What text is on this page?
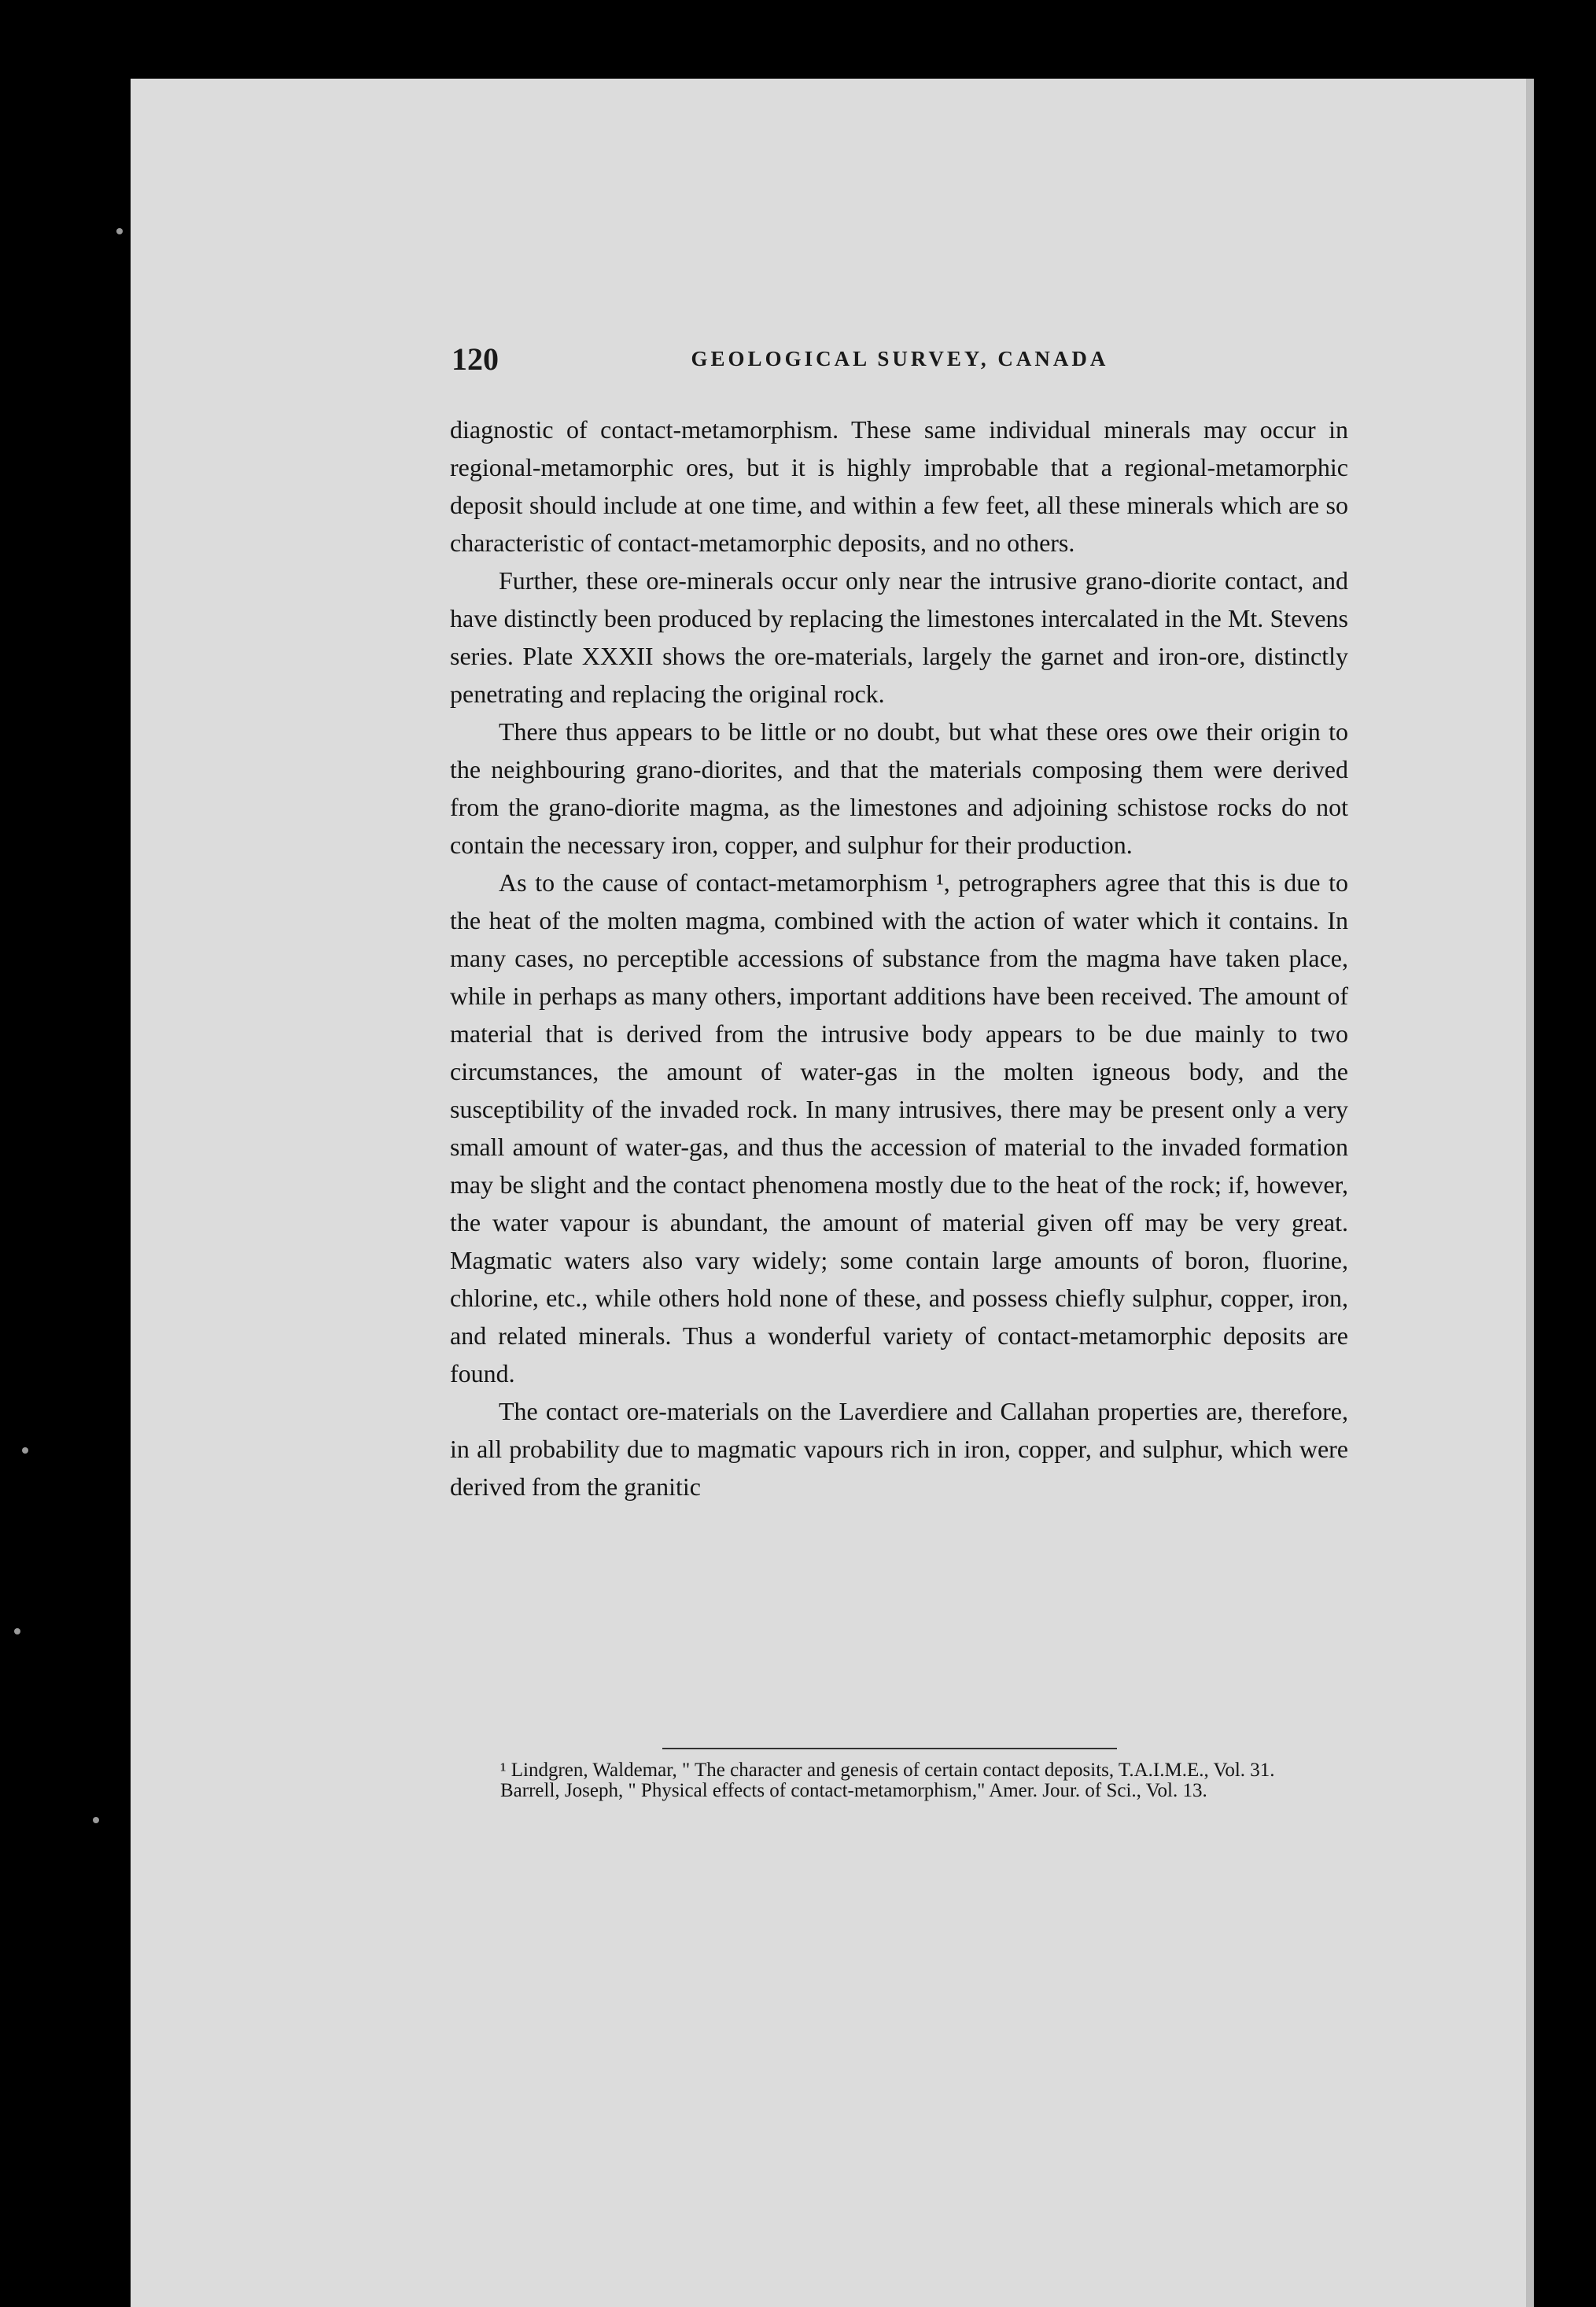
120	GEOLOGICAL SURVEY, CANADA

diagnostic of contact-metamorphism. These same individual minerals may occur in regional-metamorphic ores, but it is highly improbable that a regional-metamorphic deposit should include at one time, and within a few feet, all these minerals which are so characteristic of contact-metamorphic deposits, and no others.

Further, these ore-minerals occur only near the intrusive grano-diorite contact, and have distinctly been produced by replacing the limestones intercalated in the Mt. Stevens series. Plate XXXII shows the ore-materials, largely the garnet and iron-ore, distinctly penetrating and replacing the original rock.

There thus appears to be little or no doubt, but what these ores owe their origin to the neighbouring grano-diorites, and that the materials composing them were derived from the grano-diorite magma, as the limestones and adjoining schistose rocks do not contain the necessary iron, copper, and sulphur for their production.

As to the cause of contact-metamorphism ¹, petrographers agree that this is due to the heat of the molten magma, combined with the action of water which it contains. In many cases, no perceptible accessions of substance from the magma have taken place, while in perhaps as many others, important additions have been received. The amount of material that is derived from the intrusive body appears to be due mainly to two circumstances, the amount of water-gas in the molten igneous body, and the susceptibility of the invaded rock. In many intrusives, there may be present only a very small amount of water-gas, and thus the accession of material to the invaded formation may be slight and the contact phenomena mostly due to the heat of the rock; if, however, the water vapour is abundant, the amount of material given off may be very great. Magmatic waters also vary widely; some contain large amounts of boron, fluorine, chlorine, etc., while others hold none of these, and possess chiefly sulphur, copper, iron, and related minerals. Thus a wonderful variety of contact-metamorphic deposits are found.

The contact ore-materials on the Laverdiere and Callahan properties are, therefore, in all probability due to magmatic vapours rich in iron, copper, and sulphur, which were derived from the granitic

¹ Lindgren, Waldemar, " The character and genesis of certain contact deposits, T.A.I.M.E., Vol. 31.

Barrell, Joseph, " Physical effects of contact-metamorphism," Amer. Jour. of Sci., Vol. 13.
